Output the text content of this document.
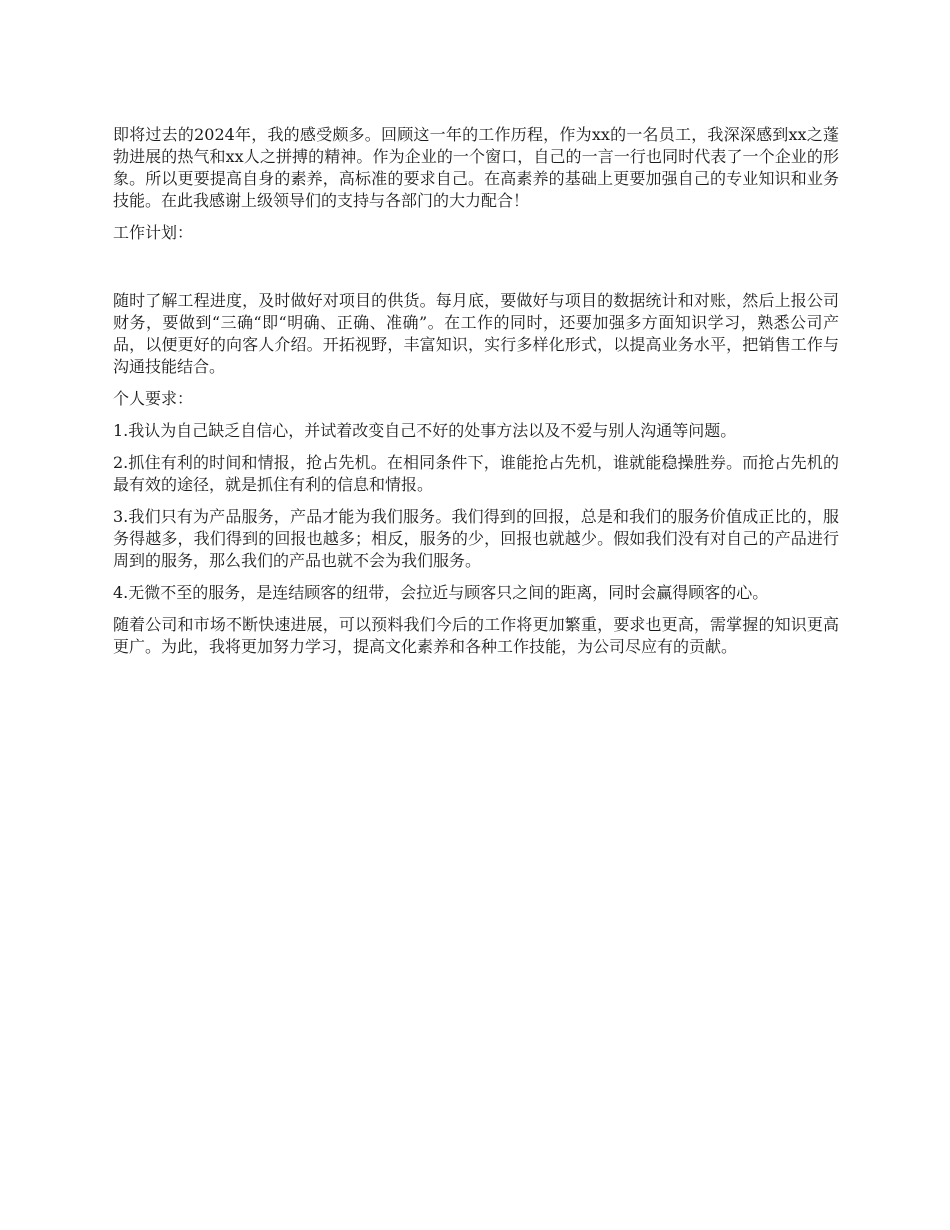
即将过去的2024年，我的感受颇多。回顾这一年的工作历程，作为xx的一名员工，我深深感到xx之蓬勃进展的热气和xx人之拼搏的精神。作为企业的一个窗口，自己的一言一行也同时代表了一个企业的形象。所以更要提高自身的素养，高标准的要求自己。在高素养的基础上更要加强自己的专业知识和业务技能。在此我感谢上级领导们的支持与各部门的大力配合！

工作计划：

随时了解工程进度，及时做好对项目的供货。每月底，要做好与项目的数据统计和对账，然后上报公司财务，要做到“三确“即“明确、正确、准确”。在工作的同时，还要加强多方面知识学习，熟悉公司产品，以便更好的向客人介绍。开拓视野，丰富知识，实行多样化形式，以提高业务水平，把销售工作与沟通技能结合。

个人要求：

1.我认为自己缺乏自信心，并试着改变自己不好的处事方法以及不爱与别人沟通等问题。

2.抓住有利的时间和情报，抢占先机。在相同条件下，谁能抢占先机，谁就能稳操胜券。而抢占先机的最有效的途径，就是抓住有利的信息和情报。

3.我们只有为产品服务，产品才能为我们服务。我们得到的回报，总是和我们的服务价值成正比的，服务得越多，我们得到的回报也越多；相反，服务的少，回报也就越少。假如我们没有对自己的产品进行周到的服务，那么我们的产品也就不会为我们服务。

4.无微不至的服务，是连结顾客的纽带，会拉近与顾客只之间的距离，同时会赢得顾客的心。

随着公司和市场不断快速进展，可以预料我们今后的工作将更加繁重，要求也更高，需掌握的知识更高更广。为此，我将更加努力学习，提高文化素养和各种工作技能，为公司尽应有的贡献。
